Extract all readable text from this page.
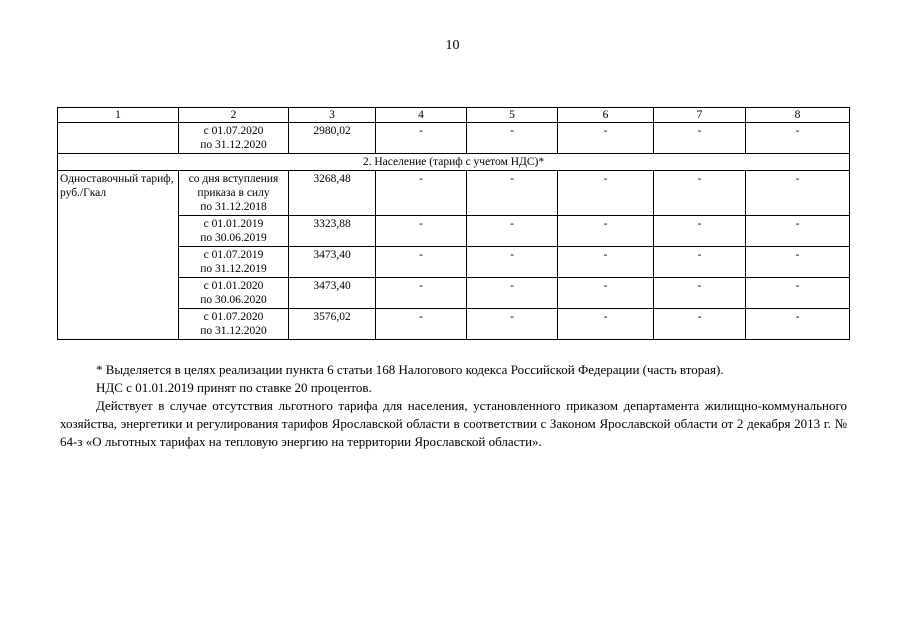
10
1	2	3	4	5	6	7	8

	с 01.07.2020
по 31.12.2020	2980,02	-	-	-	-	-
2. Население (тариф с учетом НДС)*							
Одноставочный тариф, руб./Гкал	со дня вступления
приказа в силу
по 31.12.2018	3268,48	-	-	-	-	-

	с 01.01.2019
по 30.06.2019	3323,88	-	-	-	-	-

	с 01.07.2019
по 31.12.2019	3473,40	-	-	-	-	-

	с 01.01.2020
по 30.06.2020	3473,40	-	-	-	-	-

	с 01.07.2020
по 31.12.2020	3576,02	-	-	-	-	-

* Выделяется в целях реализации пункта 6 статьи 168 Налогового кодекса Российской Федерации (часть вторая).

НДС с 01.01.2019 принят по ставке 20 процентов.

Действует в случае отсутствия льготного тарифа для населения, установленного приказом департамента жилищно-коммунального хозяйства, энергетики и регулирования тарифов Ярославской области в соответствии с Законом Ярославской области от 2 декабря 2013 г. № 64-з «О льготных тарифах на тепловую энергию на территории Ярославской области».
